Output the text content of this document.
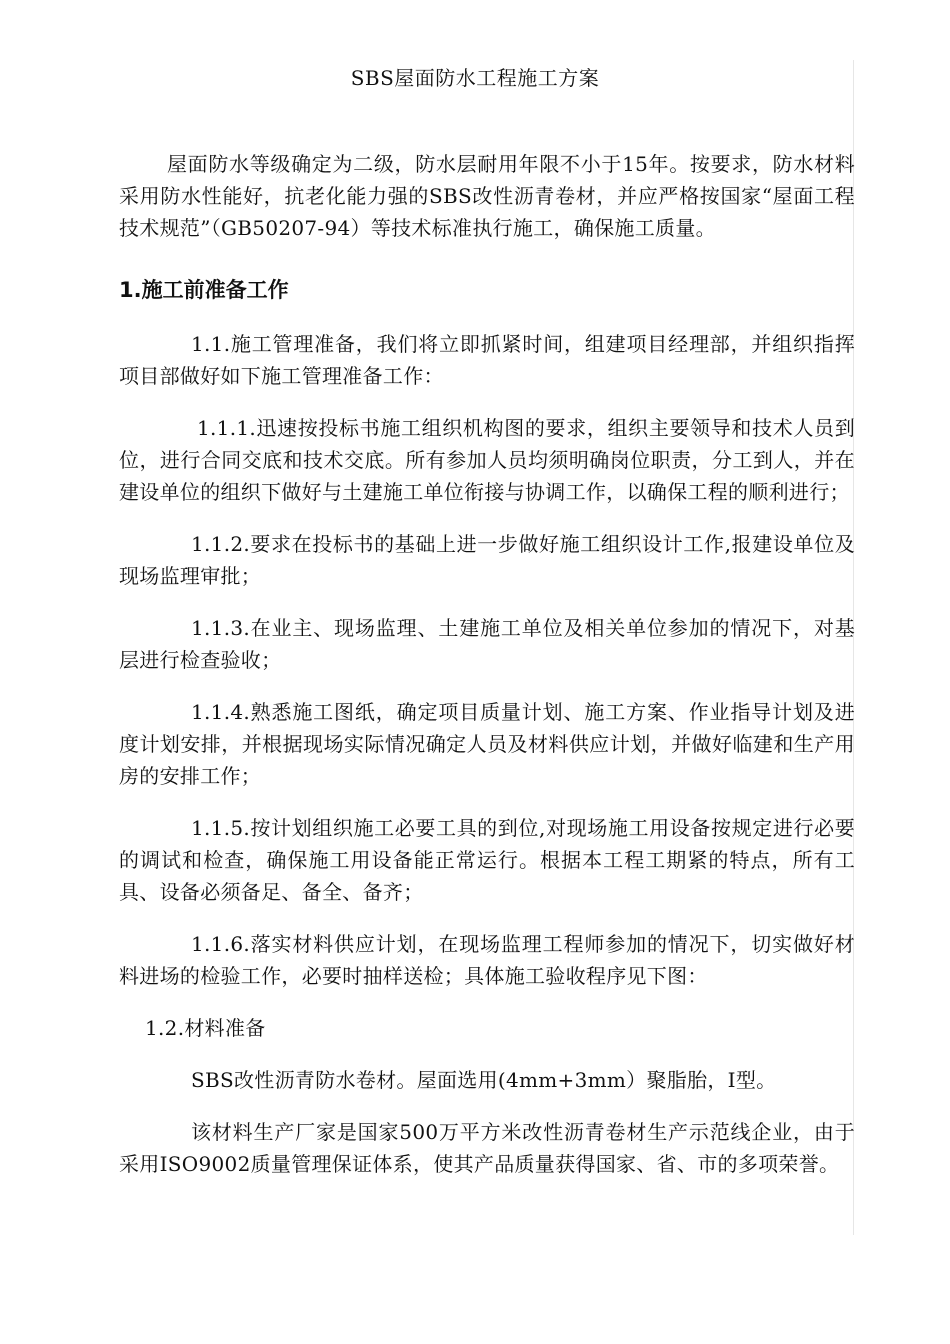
SBS屋面防水工程施工方案

屋面防水等级确定为二级，防水层耐用年限不小于15年。按要求，防水材料采用防水性能好，抗老化能力强的SBS改性沥青卷材，并应严格按国家“屋面工程技术规范”（GB50207-94）等技术标准执行施工，确保施工质量。

1.施工前准备工作

1.1.施工管理准备，我们将立即抓紧时间，组建项目经理部，并组织指挥项目部做好如下施工管理准备工作：

1.1.1.迅速按投标书施工组织机构图的要求，组织主要领导和技术人员到位，进行合同交底和技术交底。所有参加人员均须明确岗位职责，分工到人，并在建设单位的组织下做好与土建施工单位衔接与协调工作，以确保工程的顺利进行；

1.1.2.要求在投标书的基础上进一步做好施工组织设计工作,报建设单位及现场监理审批；

1.1.3.在业主、现场监理、土建施工单位及相关单位参加的情况下，对基层进行检查验收；

1.1.4.熟悉施工图纸，确定项目质量计划、施工方案、作业指导计划及进度计划安排，并根据现场实际情况确定人员及材料供应计划，并做好临建和生产用房的安排工作；

1.1.5.按计划组织施工必要工具的到位,对现场施工用设备按规定进行必要的调试和检查，确保施工用设备能正常运行。根据本工程工期紧的特点，所有工具、设备必须备足、备全、备齐；

1.1.6.落实材料供应计划，在现场监理工程师参加的情况下，切实做好材料进场的检验工作，必要时抽样送检；具体施工验收程序见下图：

1.2.材料准备

SBS改性沥青防水卷材。屋面选用(4mm+3mm）聚脂胎，I型。

该材料生产厂家是国家500万平方米改性沥青卷材生产示范线企业，由于采用ISO9002质量管理保证体系，使其产品质量获得国家、省、市的多项荣誉。
